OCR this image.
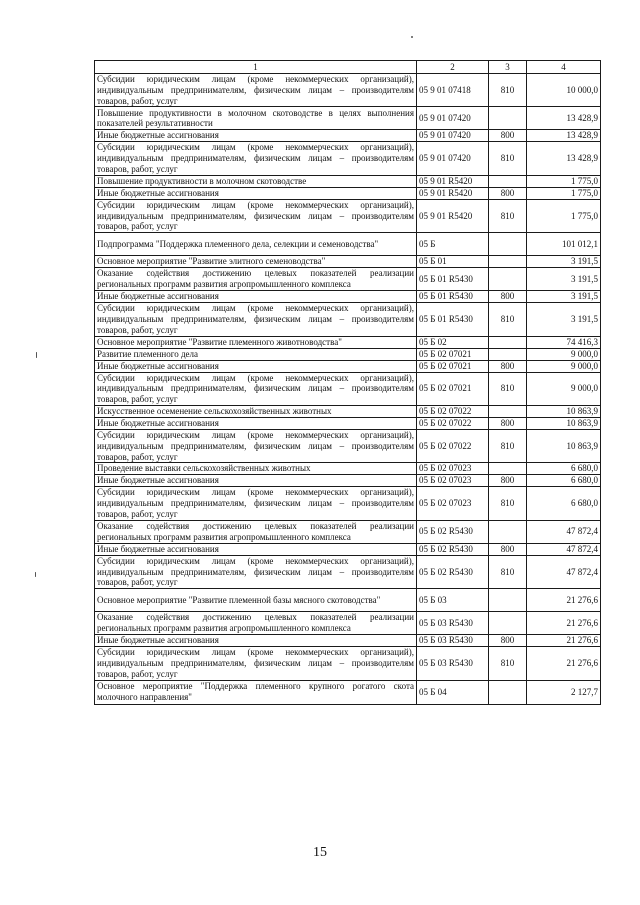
1	2	3	4
Субсидии юридическим лицам (кроме некоммерческих организаций), индивидуальным предпринимателям, физическим лицам – производителям товаров, работ, услуг	05 9 01 07418	810	10 000,0
Повышение продуктивности в молочном скотоводстве в целях выполнения показателей результативности	05 9 01 07420		13 428,9
Иные бюджетные ассигнования	05 9 01 07420	800	13 428,9
Субсидии юридическим лицам (кроме некоммерческих организаций), индивидуальным предпринимателям, физическим лицам – производителям товаров, работ, услуг	05 9 01 07420	810	13 428,9
Повышение продуктивности в молочном скотоводстве	05 9 01 R5420		1 775,0
Иные бюджетные ассигнования	05 9 01 R5420	800	1 775,0
Субсидии юридическим лицам (кроме некоммерческих организаций), индивидуальным предпринимателям, физическим лицам – производителям товаров, работ, услуг	05 9 01 R5420	810	1 775,0
Подпрограмма "Поддержка племенного дела, селекции и семеноводства"	05 Б		101 012,1
Основное мероприятие "Развитие элитного семеноводства"	05 Б 01		3 191,5
Оказание содействия достижению целевых показателей реализации региональных программ развития агропромышленного комплекса	05 Б 01 R5430		3 191,5
Иные бюджетные ассигнования	05 Б 01 R5430	800	3 191,5
Субсидии юридическим лицам (кроме некоммерческих организаций), индивидуальным предпринимателям, физическим лицам – производителям товаров, работ, услуг	05 Б 01 R5430	810	3 191,5
Основное мероприятие "Развитие племенного животноводства"	05 Б 02		74 416,3
Развитие племенного дела	05 Б 02 07021		9 000,0
Иные бюджетные ассигнования	05 Б 02 07021	800	9 000,0
Субсидии юридическим лицам (кроме некоммерческих организаций), индивидуальным предпринимателям, физическим лицам – производителям товаров, работ, услуг	05 Б 02 07021	810	9 000,0
Искусственное осеменение сельскохозяйственных животных	05 Б 02 07022		10 863,9
Иные бюджетные ассигнования	05 Б 02 07022	800	10 863,9
Субсидии юридическим лицам (кроме некоммерческих организаций), индивидуальным предпринимателям, физическим лицам – производителям товаров, работ, услуг	05 Б 02 07022	810	10 863,9
Проведение выставки сельскохозяйственных животных	05 Б 02 07023		6 680,0
Иные бюджетные ассигнования	05 Б 02 07023	800	6 680,0
Субсидии юридическим лицам (кроме некоммерческих организаций), индивидуальным предпринимателям, физическим лицам – производителям товаров, работ, услуг	05 Б 02 07023	810	6 680,0
Оказание содействия достижению целевых показателей реализации региональных программ развития агропромышленного комплекса	05 Б 02 R5430		47 872,4
Иные бюджетные ассигнования	05 Б 02 R5430	800	47 872,4
Субсидии юридическим лицам (кроме некоммерческих организаций), индивидуальным предпринимателям, физическим лицам – производителям товаров, работ, услуг	05 Б 02 R5430	810	47 872,4
Основное мероприятие "Развитие племенной базы мясного скотоводства"	05 Б 03		21 276,6
Оказание содействия достижению целевых показателей реализации региональных программ развития агропромышленного комплекса	05 Б 03 R5430		21 276,6
Иные бюджетные ассигнования	05 Б 03 R5430	800	21 276,6
Субсидии юридическим лицам (кроме некоммерческих организаций), индивидуальным предпринимателям, физическим лицам – производителям товаров, работ, услуг	05 Б 03 R5430	810	21 276,6
Основное мероприятие "Поддержка племенного крупного рогатого скота молочного направления"	05 Б 04		2 127,7
15
